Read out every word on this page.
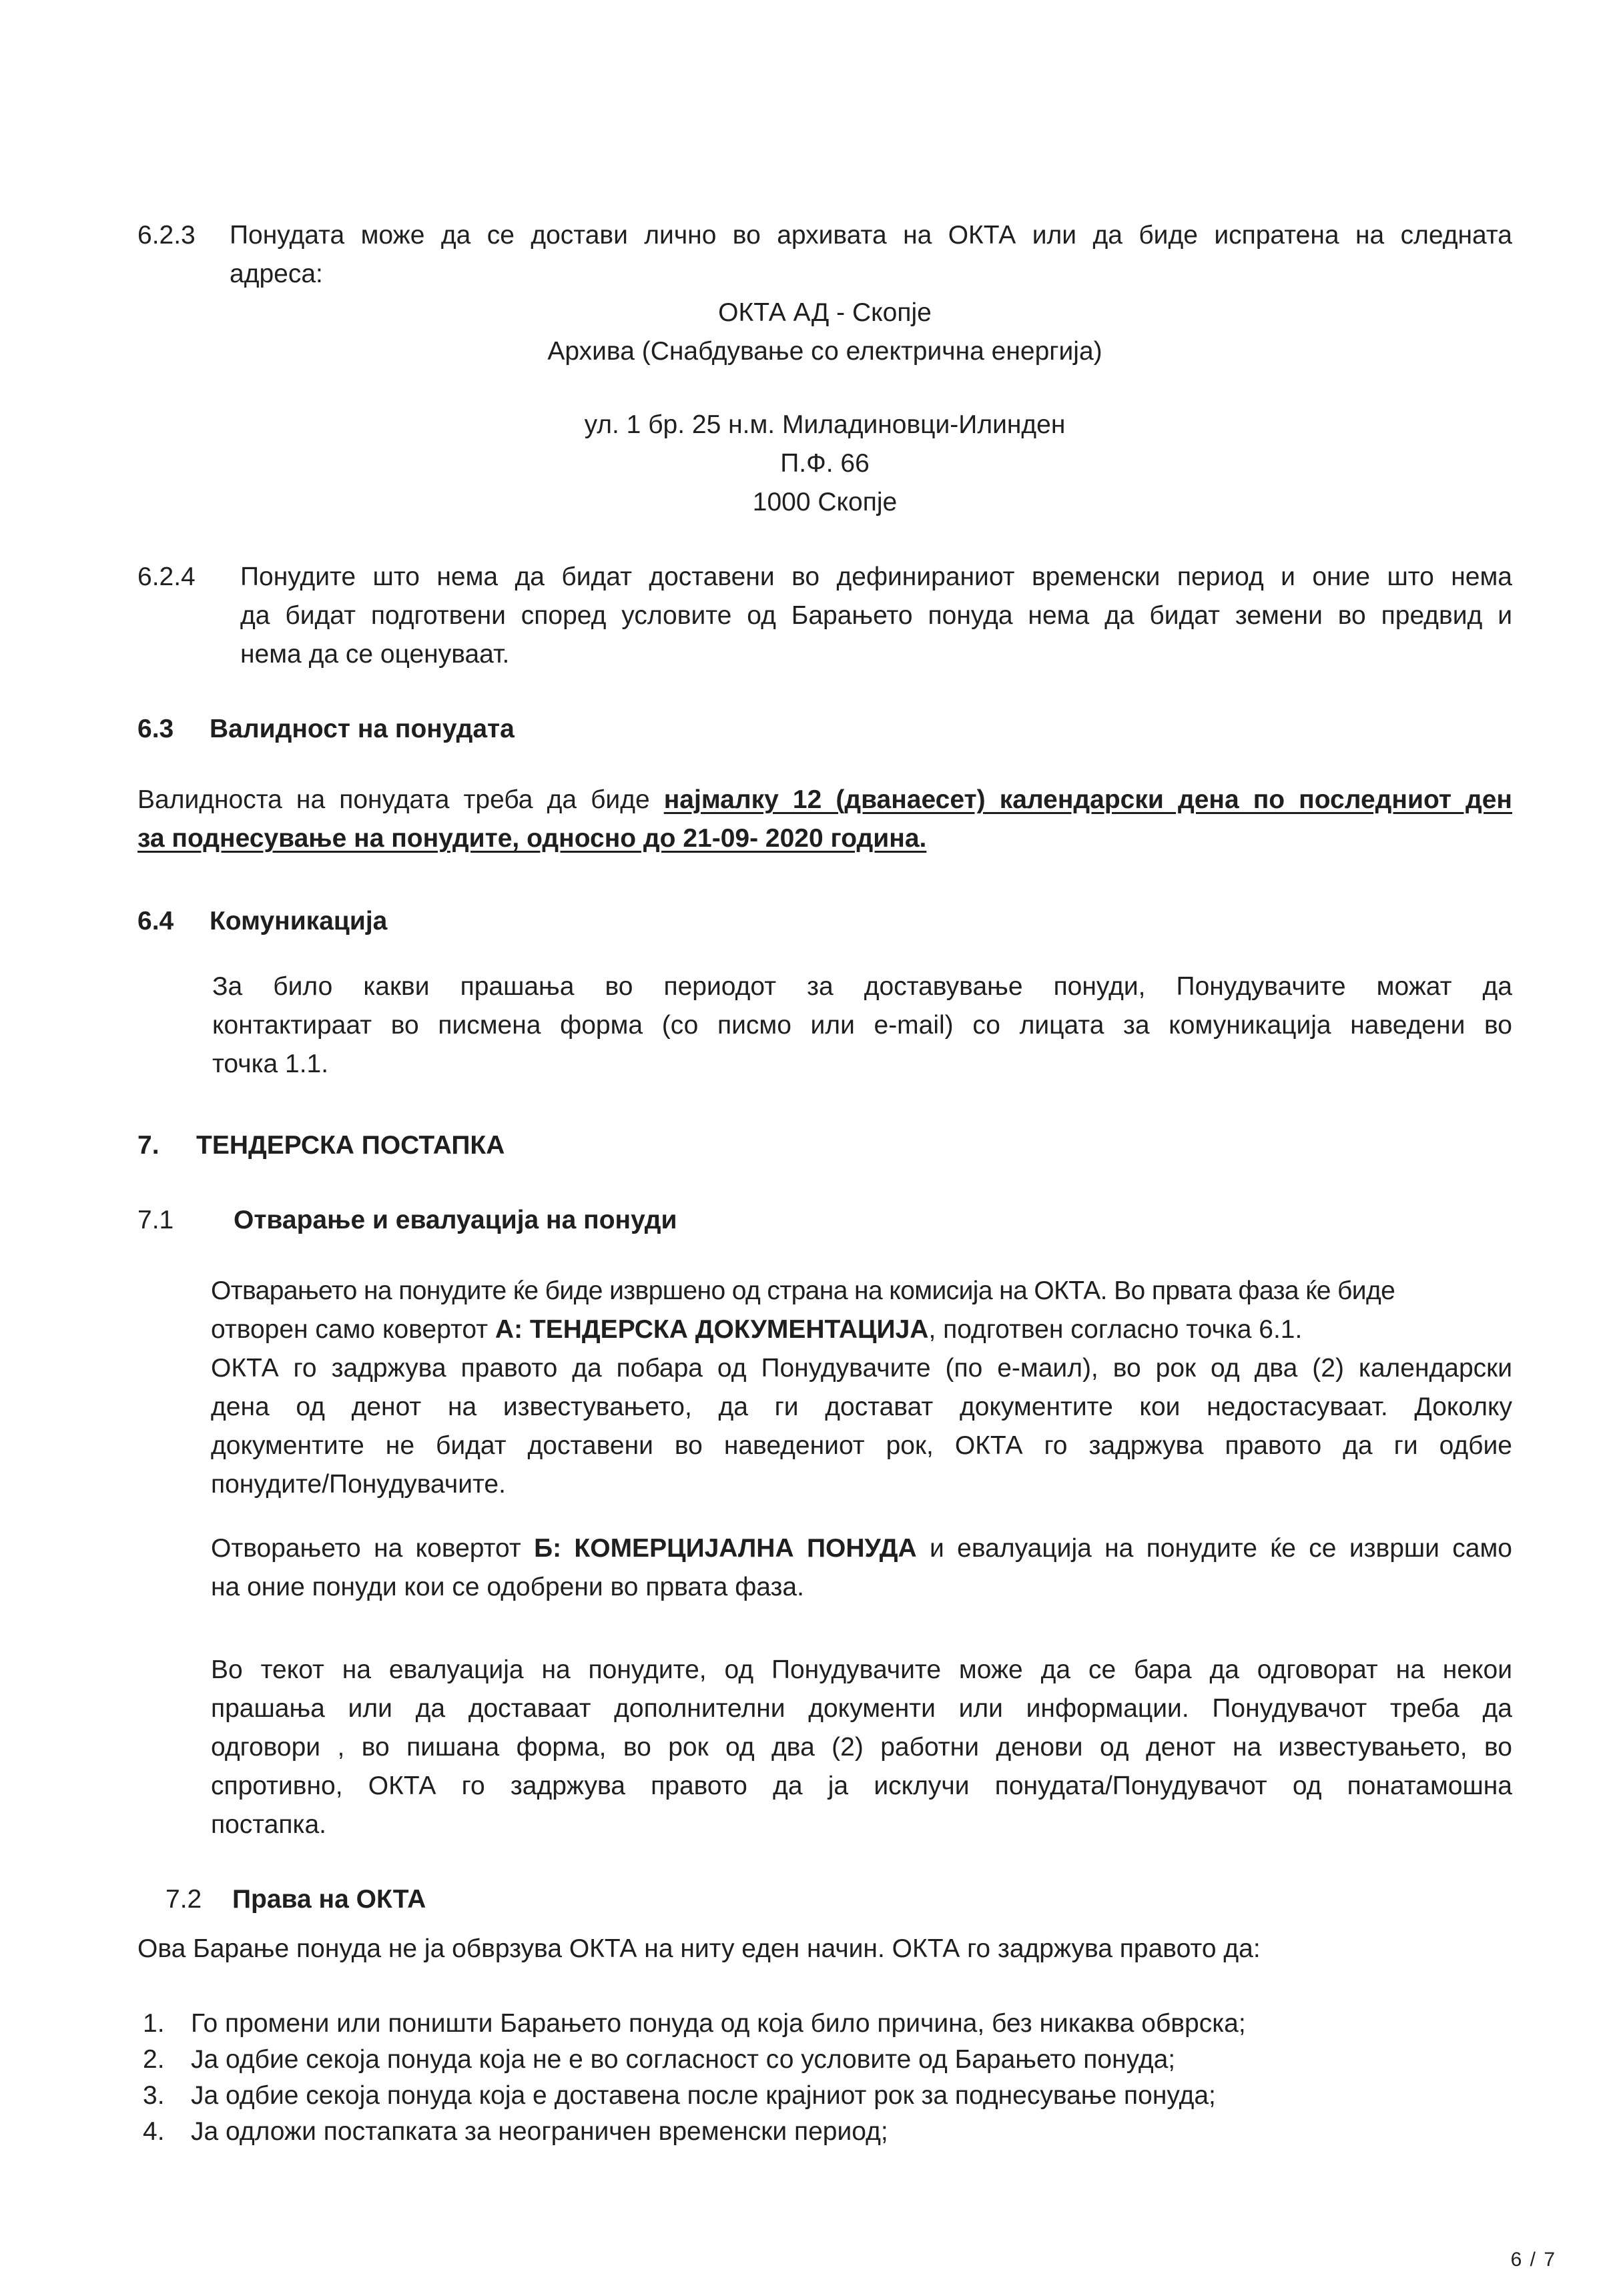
6.2.3 Понудата може да се достави лично во архивата на ОКТА или да биде испратена на следната
адреса:
ОКТА АД - Скопје
Архива (Снабдување со електрична енергија)
ул. 1 бр. 25 н.м. Миладиновци-Илинден
П.Ф. 66
1000 Скопје
6.2.4 Понудите што нема да бидат доставени во дефинираниот временски период и оние што нема
да бидат подготвени според условите од Барањето понуда нема да бидат земени во предвид и
нема да се оценуваат.
6.3 Валидност на понудата
Валидноста на понудата треба да биде најмалку 12 (дванаесет) календарски дена по последниот ден
за поднесување на понудите, односно до 21-09- 2020 година.
6.4 Комуникација
За било какви прашања во периодот за доставување понуди, Понудувачите можат да
контактираат во писмена форма (со писмо или e-mail) со лицата за комуникација наведени во
точка 1.1.
7. ТЕНДЕРСКА ПОСТАПКА
7.1 Отварање и евалуација на понуди
Отварањето на понудите ќе биде извршено од страна на комисија на ОКТА. Во првата фаза ќе биде
отворен само ковертот А: ТЕНДЕРСКА ДОКУМЕНТАЦИЈА, подготвен согласно точка 6.1.
ОКТА го задржува правото да побара од Понудувачите (по е-маил), во рок од два (2) календарски
дена од денот на известувањето, да ги достават документите кои недостасуваат. Доколку
документите не бидат доставени во наведениот рок, ОКТА го задржува правото да ги одбие
понудите/Понудувачите.
Отворањето на ковертот Б: КОМЕРЦИЈАЛНА ПОНУДА и евалуација на понудите ќе се изврши само
на оние понуди кои се одобрени во првата фаза.
Во текот на евалуација на понудите, од Понудувачите може да се бара да одговорат на некои
прашања или да доставаат дополнителни документи или информации. Понудувачот треба да
одговори , во пишана форма, во рок од два (2) работни денови од денот на известувањето, во
спротивно, ОКТА го задржува правото да ја исклучи понудата/Понудувачот од понатамошна
постапка.
7.2 Права на ОКТА
Ова Барање понуда не ја обврзува ОКТА на ниту еден начин. ОКТА го задржува правото да:
1. Го промени или поништи Барањето понуда од која било причина, без никаква обврска;
2. Ја одбие секоја понуда која не е во согласност со условите од Барањето понуда;
3. Ја одбие секоја понуда која е доставена после крајниот рок за поднесување понуда;
4. Ја одложи постапката за неограничен временски период;
6 / 7
